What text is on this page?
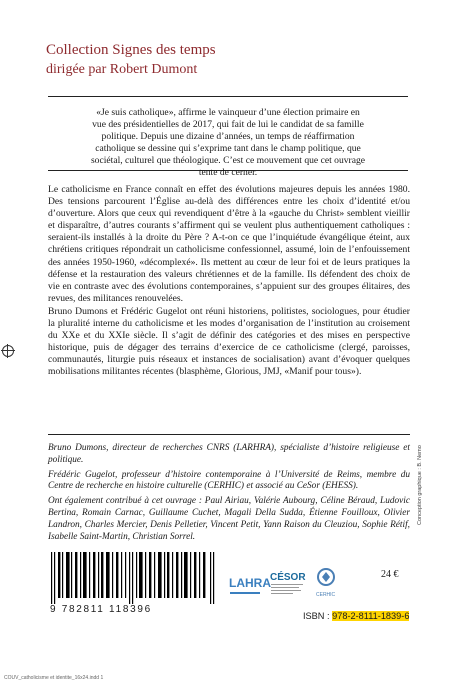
Collection Signes des temps
dirigée par Robert Dumont

«Je suis catholique», affirme le vainqueur d’une élection primaire en

vue des présidentielles de 2017, qui fait de lui le candidat de sa famille

politique. Depuis une dizaine d’années, un temps de réaffirmation

catholique se dessine qui s’exprime tant dans le champ politique, que

sociétal, culturel que théologique. C’est ce mouvement que cet ouvrage

tente de cerner.

Le catholicisme en France connaît en effet des évolutions majeures depuis les années 1980. Des tensions parcourent l’Église au-delà des différences entre les choix d’identité et/ou d’ouverture. Alors que ceux qui revendiquent d’être à la «gauche du Christ» semblent vieillir et disparaître, d’autres courants s’affirment qui se veulent plus authentiquement catholiques : seraient-ils installés à la droite du Père ? A-t-on ce que l’inquiétude évangélique éteint, aux chrétiens critiques répondrait un catholicisme confessionnel, assumé, loin de l’enfouissement des années 1950-1960, «décomplexé». Ils mettent au cœur de leur foi et de leurs pratiques la défense et la restauration des valeurs chrétiennes et de la famille. Ils défendent des choix de vie en contraste avec des évolutions contemporaines, s’appuient sur des groupes élitaires, des revues, des militances renouvelées.

Bruno Dumons et Frédéric Gugelot ont réuni historiens, politistes, sociologues, pour étudier la pluralité interne du catholicisme et les modes d’organisation de l’institution au croisement du XXe et du XXIe siècle. Il s’agit de définir des catégories et des mises en perspective historique, puis de dégager des terrains d’exercice de ce catholicisme (clergé, paroisses, communautés, liturgie puis réseaux et instances de socialisation) avant d’évoquer quelques mobilisations militantes récentes (blasphème, Glorious, JMJ, «Manif pour tous»).

Bruno Dumons, directeur de recherches CNRS (LARHRA), spécialiste d’histoire religieuse et politique.

Frédéric Gugelot, professeur d’histoire contemporaine à l’Université de Reims, membre du Centre de recherche en histoire culturelle (CERHIC) et associé au CeSor (EHESS).

Ont également contribué à cet ouvrage : Paul Airiau, Valérie Aubourg, Céline Béraud, Ludovic Bertina, Romain Carnac, Guillaume Cuchet, Magali Della Sudda, Étienne Fouilloux, Olivier Landron, Charles Mercier, Denis Pelletier, Vincent Petit, Yann Raison du Cleuziou, Sophie Rétif, Isabelle Saint-Martin, Christian Sorrel.

Conception graphique : B. Nemo
9 782811 118396
LAHRA CÉSOR
CERHIC
24 €
ISBN : 978-2-8111-1839-6
COUV_catholicisme et identite_16x24.indd 1
